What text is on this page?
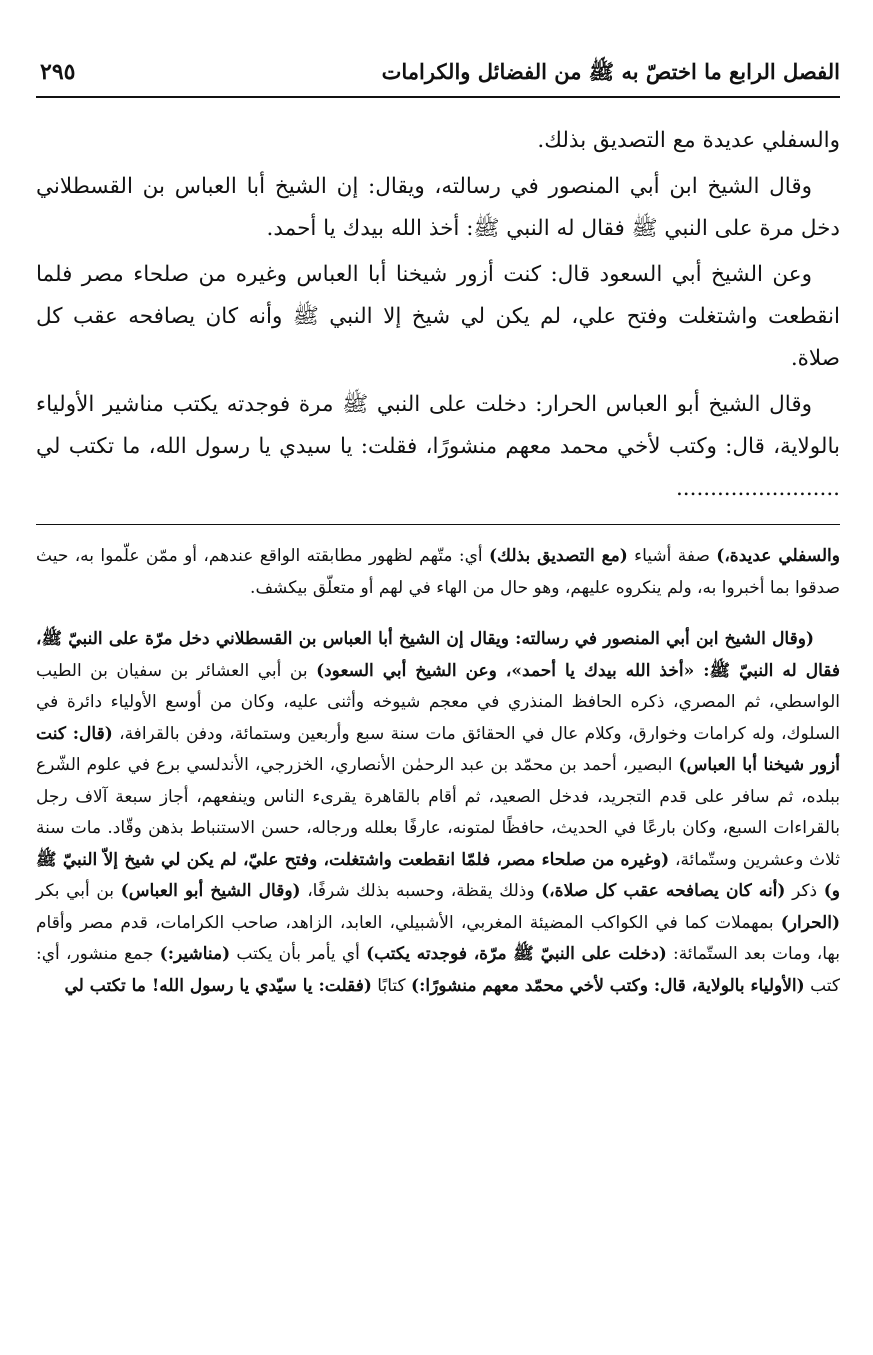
الفصل الرابع ما اختصّ به ﷺ من الفضائل والكرامات
٢٩٥

والسفلي عديدة مع التصديق بذلك.

وقال الشيخ ابن أبي المنصور في رسالته، ويقال: إن الشيخ أبا العباس بن القسطلاني دخل مرة على النبي ﷺ فقال له النبي ﷺ: أخذ الله بيدك يا أحمد.

وعن الشيخ أبي السعود قال: كنت أزور شيخنا أبا العباس وغيره من صلحاء مصر فلما انقطعت واشتغلت وفتح علي، لم يكن لي شيخ إلا النبي ﷺ وأنه كان يصافحه عقب كل صلاة.

وقال الشيخ أبو العباس الحرار: دخلت على النبي ﷺ مرة فوجدته يكتب مناشير الأولياء بالولاية، قال: وكتب لأخي محمد معهم منشورًا، فقلت: يا سيدي يا رسول الله، ما تكتب لي ........................

والسفلي عديدة،) صفة أشياء (مع التصديق بذلك) أي: متّهم لظهور مطابقته الواقع عندهم، أو ممّن علّموا به، حيث صدقوا بما أخبروا به، ولم ينكروه عليهم، وهو حال من الهاء في لهم أو متعلّق بيكشف.

(وقال الشيخ ابن أبي المنصور في رسالته: ويقال إن الشيخ أبا العباس بن القسطلاني دخل مرّة على النبيّ ﷺ، فقال له النبيّ ﷺ: «أخذ الله بيدك يا أحمد»، وعن الشيخ أبي السعود) بن أبي العشائر بن سفيان بن الطيب الواسطي، ثم المصري، ذكره الحافظ المنذري في معجم شيوخه وأثنى عليه، وكان من أوسع الأولياء دائرة في السلوك، وله كرامات وخوارق، وكلام عال في الحقائق مات سنة سبع وأربعين وستمائة، ودفن بالقرافة، (قال: كنت أزور شيخنا أبا العباس) البصير، أحمد بن محمّد بن عبد الرحمٰن الأنصاري، الخزرجي، الأندلسي برع في علوم الشّرع ببلده، ثم سافر على قدم التجريد، فدخل الصعيد، ثم أقام بالقاهرة يقرىء الناس وينفعهم، أجاز سبعة آلاف رجل بالقراءات السبع، وكان بارعًا في الحديث، حافظًا لمتونه، عارفًا بعلله ورجاله، حسن الاستنباط بذهن وقّاد. مات سنة ثلاث وعشرين وستّمائة، (وغيره من صلحاء مصر، فلمّا انقطعت واشتغلت، وفتح عليّ، لم يكن لي شيخ إلاّ النبيّ ﷺ و) ذكر (أنه كان يصافحه عقب كل صلاة،) وذلك يقظة، وحسبه بذلك شرفًا، (وقال الشيخ أبو العباس) بن أبي بكر (الحرار) بمهملات كما في الكواكب المضيئة المغربي، الأشبيلي، العابد، الزاهد، صاحب الكرامات، قدم مصر وأقام بها، ومات بعد الستّمائة: (دخلت على النبيّ ﷺ مرّة، فوجدته يكتب) أي يأمر بأن يكتب (مناشير:) جمع منشور، أي: كتب (الأولياء بالولاية، قال: وكتب لأخي محمّد معهم منشورًا:) كتابًا (فقلت: يا سيّدي يا رسول الله! ما تكتب لي
